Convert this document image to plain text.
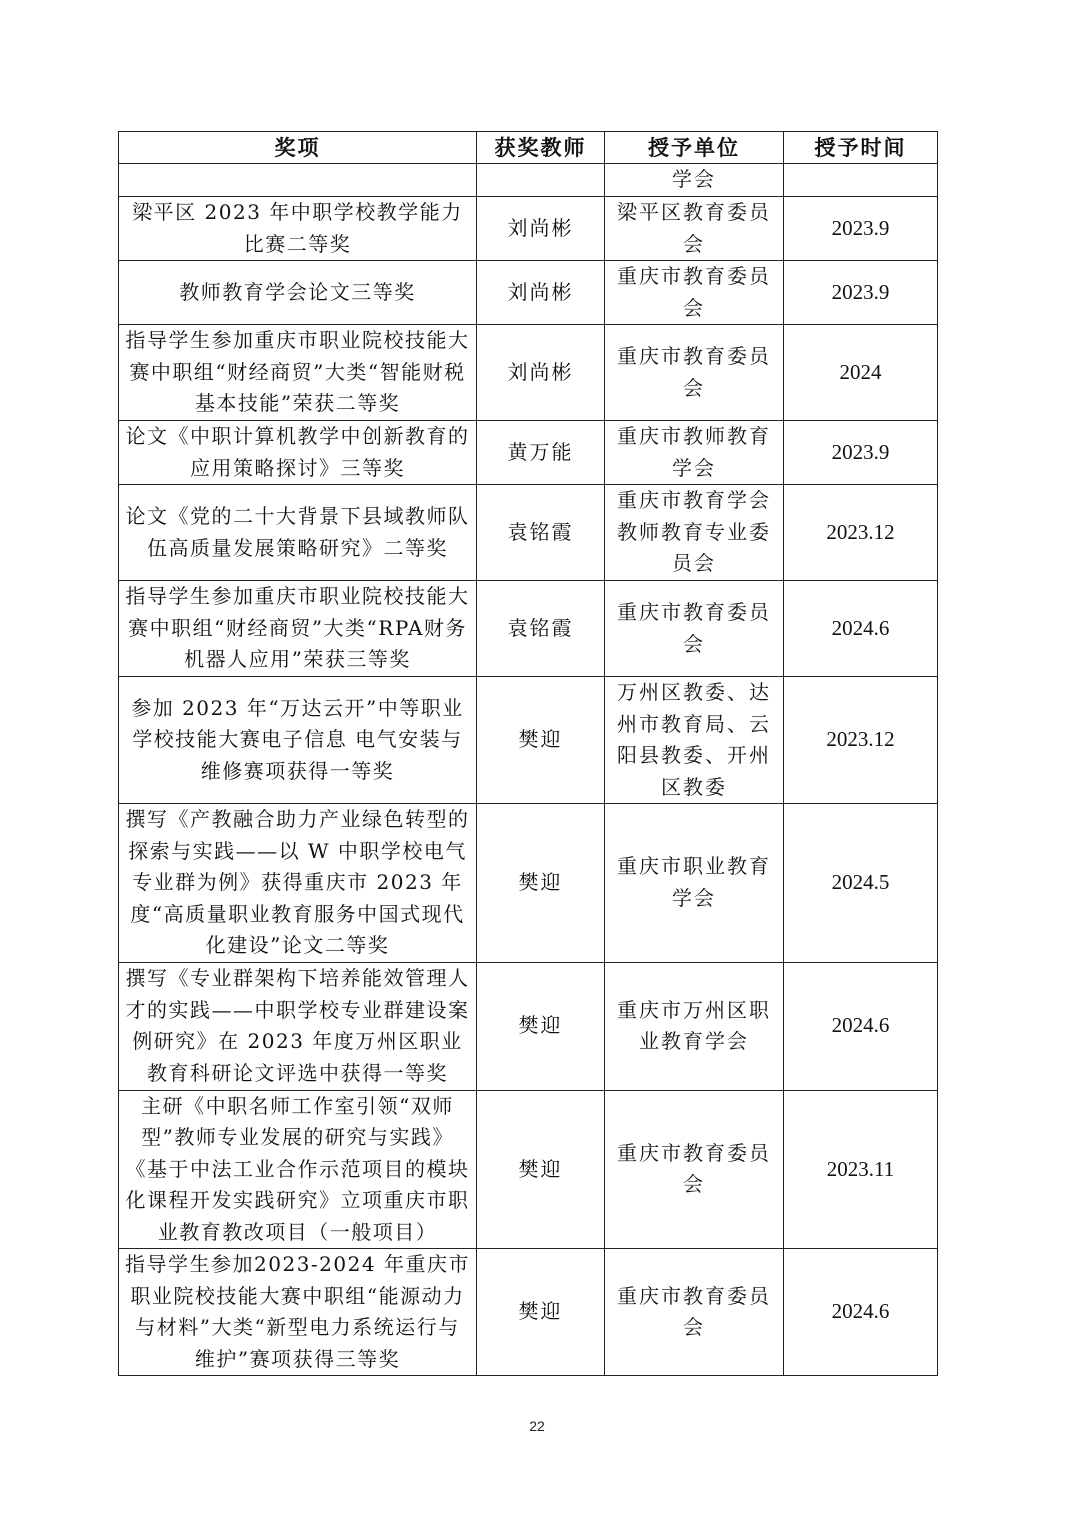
奖项	获奖教师	授予单位	授予时间
		学会	
梁平区 2023 年中职学校教学能力比赛二等奖	刘尚彬	梁平区教育委员会	2023.9
教师教育学会论文三等奖	刘尚彬	重庆市教育委员会	2023.9
指导学生参加重庆市职业院校技能大赛中职组“财经商贸”大类“智能财税基本技能”荣获二等奖	刘尚彬	重庆市教育委员会	2024
论文《中职计算机教学中创新教育的应用策略探讨》三等奖	黄万能	重庆市教师教育学会	2023.9
论文《党的二十大背景下县域教师队伍高质量发展策略研究》二等奖	袁铭霞	重庆市教育学会教师教育专业委员会	2023.12
指导学生参加重庆市职业院校技能大赛中职组“财经商贸”大类“RPA财务机器人应用”荣获三等奖	袁铭霞	重庆市教育委员会	2024.6
参加 2023 年“万达云开”中等职业学校技能大赛电子信息 电气安装与维修赛项获得一等奖	樊迎	万州区教委、达州市教育局、云阳县教委、开州区教委	2023.12
撰写《产教融合助力产业绿色转型的探索与实践——以 W 中职学校电气专业群为例》获得重庆市 2023 年度“高质量职业教育服务中国式现代化建设”论文二等奖	樊迎	重庆市职业教育学会	2024.5
撰写《专业群架构下培养能效管理人才的实践——中职学校专业群建设案例研究》在 2023 年度万州区职业教育科研论文评选中获得一等奖	樊迎	重庆市万州区职业教育学会	2024.6
主研《中职名师工作室引领“双师型”教师专业发展的研究与实践》《基于中法工业合作示范项目的模块化课程开发实践研究》立项重庆市职业教育教改项目（一般项目）	樊迎	重庆市教育委员会	2023.11
指导学生参加2023-2024 年重庆市职业院校技能大赛中职组“能源动力与材料”大类“新型电力系统运行与维护”赛项获得三等奖	樊迎	重庆市教育委员会	2024.6
22
